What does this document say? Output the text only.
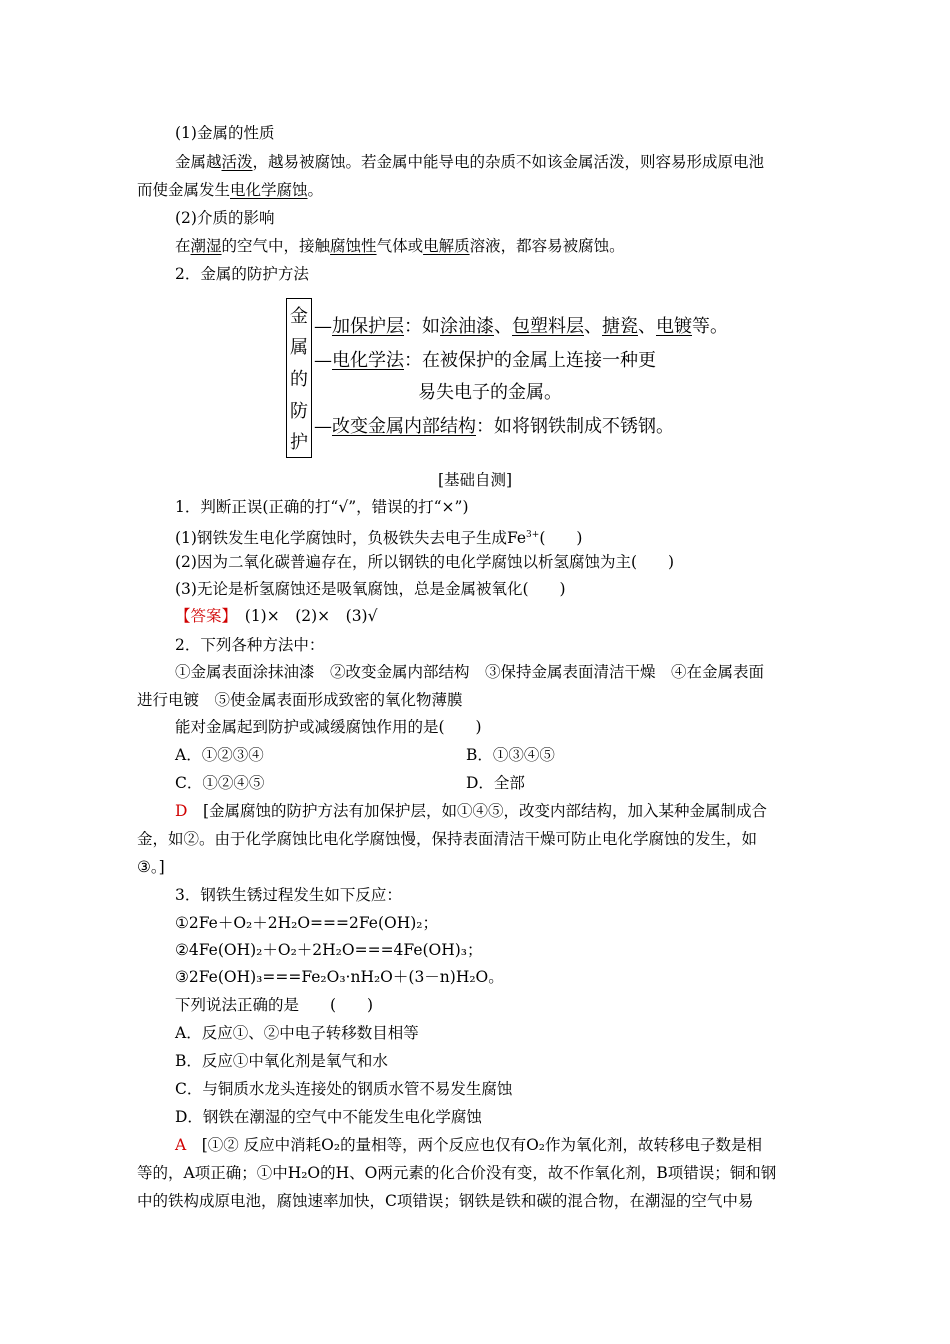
(1)金属的性质
金属越活泼，越易被腐蚀。若金属中能导电的杂质不如该金属活泼，则容易形成原电池
而使金属发生电化学腐蚀。
(2)介质的影响
在潮湿的空气中，接触腐蚀性气体或电解质溶液，都容易被腐蚀。
2．金属的防护方法
金
属
的
防
护
—加保护层：如涂油漆、包塑料层、搪瓷、电镀等。
—电化学法：在被保护的金属上连接一种更
易失电子的金属。
—改变金属内部结构：如将钢铁制成不锈钢。
[基础自测]
1．判断正误(正确的打“√”，错误的打“×”)
(1)钢铁发生电化学腐蚀时，负极铁失去电子生成$Fe^{3+}$(　　)
(2)因为二氧化碳普遍存在，所以钢铁的电化学腐蚀以析氢腐蚀为主(　　)
(3)无论是析氢腐蚀还是吸氧腐蚀，总是金属被氧化(　　)
【答案】　(1)×　(2)×　(3)√
2．下列各种方法中：
①金属表面涂抹油漆　②改变金属内部结构　③保持金属表面清洁干燥　④在金属表面
进行电镀　⑤使金属表面形成致密的氧化物薄膜
能对金属起到防护或减缓腐蚀作用的是(　　)
A．①②③④	B．①③④⑤
C．①②④⑤	D．全部
D　[金属腐蚀的防护方法有加保护层，如①④⑤，改变内部结构，加入某种金属制成合
金，如②。由于化学腐蚀比电化学腐蚀慢，保持表面清洁干燥可防止电化学腐蚀的发生，如
③。]
3．钢铁生锈过程发生如下反应：
①2Fe＋O₂＋2H₂O===2Fe(OH)₂；
②4Fe(OH)₂＋O₂＋2H₂O===4Fe(OH)₃；
③2Fe(OH)₃===Fe₂O₃·nH₂O＋(3－n)H₂O。
下列说法正确的是　　(　　)
A．反应①、②中电子转移数目相等
B．反应①中氧化剂是氧气和水
C．与铜质水龙头连接处的钢质水管不易发生腐蚀
D．钢铁在潮湿的空气中不能发生电化学腐蚀
A　[①② 反应中消耗O₂的量相等，两个反应也仅有O₂作为氧化剂，故转移电子数是相
等的，A项正确；①中H₂O的H、O两元素的化合价没有变，故不作氧化剂，B项错误；铜和钢
中的铁构成原电池，腐蚀速率加快，C项错误；钢铁是铁和碳的混合物，在潮湿的空气中易
